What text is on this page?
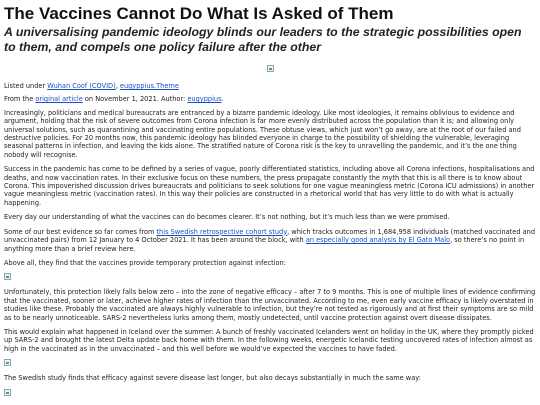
The Vaccines Cannot Do What Is Asked of Them
A universalising pandemic ideology blinds our leaders to the strategic possibilities open to them, and compels one policy failure after the other

Listed under Wuhan Coof (COVID), eugyppius.Theme

From the original article on November 1, 2021. Author: eugyppius.

Increasingly, politicians and medical bureaucrats are entranced by a bizarre pandemic ideology. Like most ideologies, it remains oblivious to evidence and argument, holding that the risk of severe outcomes from Corona infection is far more evenly distributed across the population than it is; and allowing only universal solutions, such as quarantining and vaccinating entire populations. These obtuse views, which just won’t go away, are at the root of our failed and destructive policies. For 20 months now, this pandemic ideology has blinded everyone in charge to the possibility of shielding the vulnerable, leveraging seasonal patterns in infection, and leaving the kids alone. The stratified nature of Corona risk is the key to unravelling the pandemic, and it’s the one thing nobody will recognise.

Success in the pandemic has come to be defined by a series of vague, poorly differentiated statistics, including above all Corona infections, hospitalisations and deaths, and now vaccination rates. In their exclusive focus on these numbers, the press propagate constantly the myth that this is all there is to know about Corona. This impoverished discussion drives bureaucrats and politicians to seek solutions for one vague meaningless metric (Corona ICU admissions) in another vague meaningless metric (vaccination rates). In this way their policies are constructed in a rhetorical world that has very little to do with what is actually happening.

Every day our understanding of what the vaccines can do becomes clearer. It’s not nothing, but it’s much less than we were promised.

Some of our best evidence so far comes from this Swedish retrospective cohort study, which tracks outcomes in 1,684,958 individuals (matched vaccinated and unvaccinated pairs) from 12 January to 4 October 2021. It has been around the block, with an especially good analysis by El Gato Malo, so there’s no point in anything more than a brief review here.

Above all, they find that the vaccines provide temporary protection against infection:

Unfortunately, this protection likely falls below zero – into the zone of negative efficacy – after 7 to 9 months. This is one of multiple lines of evidence confirming that the vaccinated, sooner or later, achieve higher rates of infection than the unvaccinated. According to me, even early vaccine efficacy is likely overstated in studies like these. Probably the vaccinated are always highly vulnerable to infection, but they’re not tested as rigorously and at first their symptoms are so mild as to be nearly unnoticeable. SARS-2 nevertheless lurks among them, mostly undetected, until vaccine protection against overt disease dissipates.

This would explain what happened in Iceland over the summer: A bunch of freshly vaccinated Icelanders went on holiday in the UK, where they promptly picked up SARS-2 and brought the latest Delta update back home with them. In the following weeks, energetic Icelandic testing uncovered rates of infection almost as high in the vaccinated as in the unvaccinated – and this well before we would’ve expected the vaccines to have faded.

The Swedish study finds that efficacy against severe disease last longer, but also decays substantially in much the same way:
